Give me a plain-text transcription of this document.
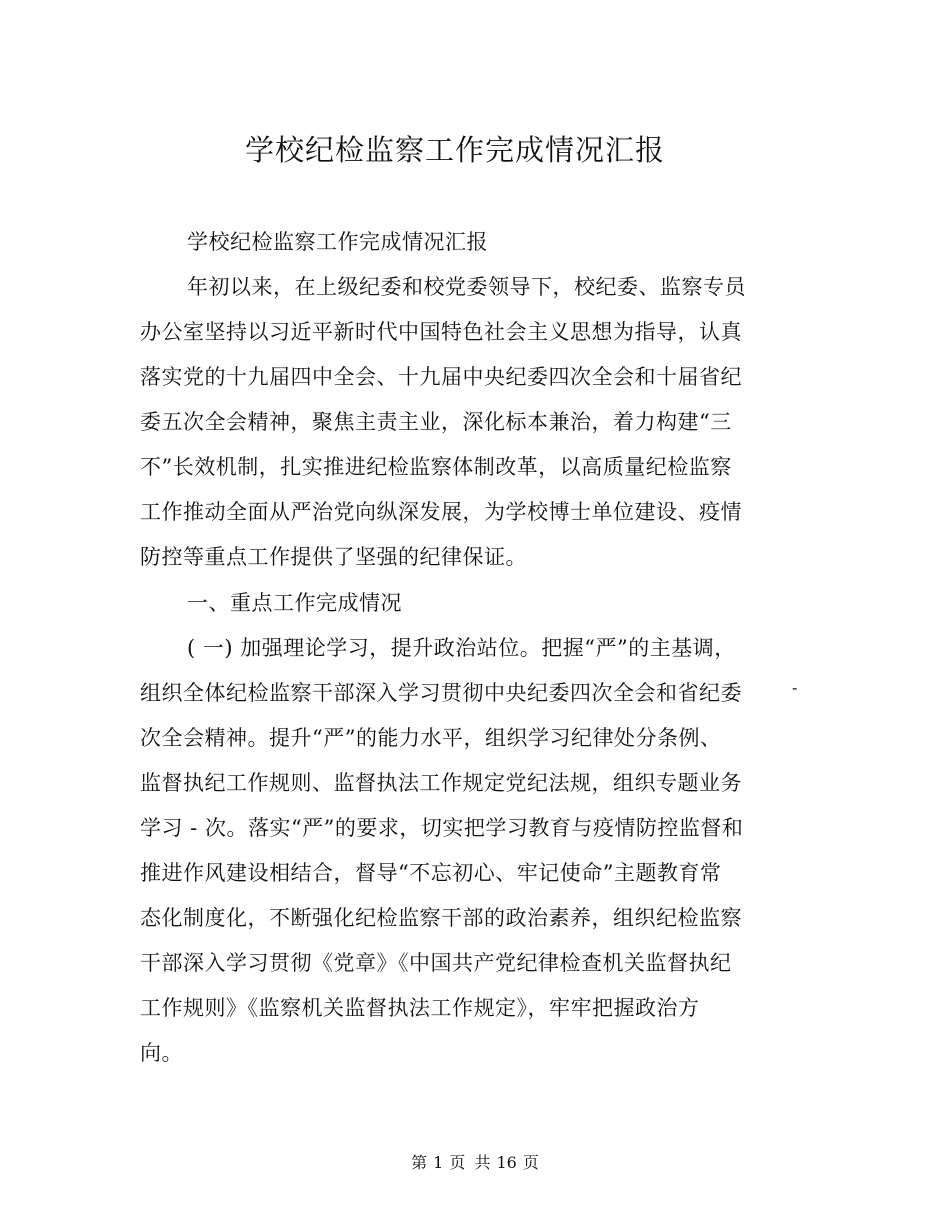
学校纪检监察工作完成情况汇报

学校纪检监察工作完成情况汇报

年初以来，在上级纪委和校党委领导下，校纪委、监察专员

办公室坚持以习近平新时代中国特色社会主义思想为指导，认真

落实党的十九届四中全会、十九届中央纪委四次全会和十届省纪

委五次全会精神，聚焦主责主业，深化标本兼治，着力构建“三

不”长效机制，扎实推进纪检监察体制改革，以高质量纪检监察

工作推动全面从严治党向纵深发展，为学校博士单位建设、疫情

防控等重点工作提供了坚强的纪律保证。

一、重点工作完成情况

( 一) 加强理论学习，提升政治站位。把握“严”的主基调，

组织全体纪检监察干部深入学习贯彻中央纪委四次全会和省纪委

次全会精神。提升“严”的能力水平，组织学习纪律处分条例、

监督执纪工作规则、监督执法工作规定党纪法规，组织专题业务

学习 - 次。落实“严”的要求，切实把学习教育与疫情防控监督和

推进作风建设相结合，督导“不忘初心、牢记使命”主题教育常

态化制度化，不断强化纪检监察干部的政治素养，组织纪检监察

干部深入学习贯彻《党章》《中国共产党纪律检查机关监督执纪

工作规则》《监察机关监督执法工作规定》，牢牢把握政治方

向。

-
第 1 页 共 16 页
